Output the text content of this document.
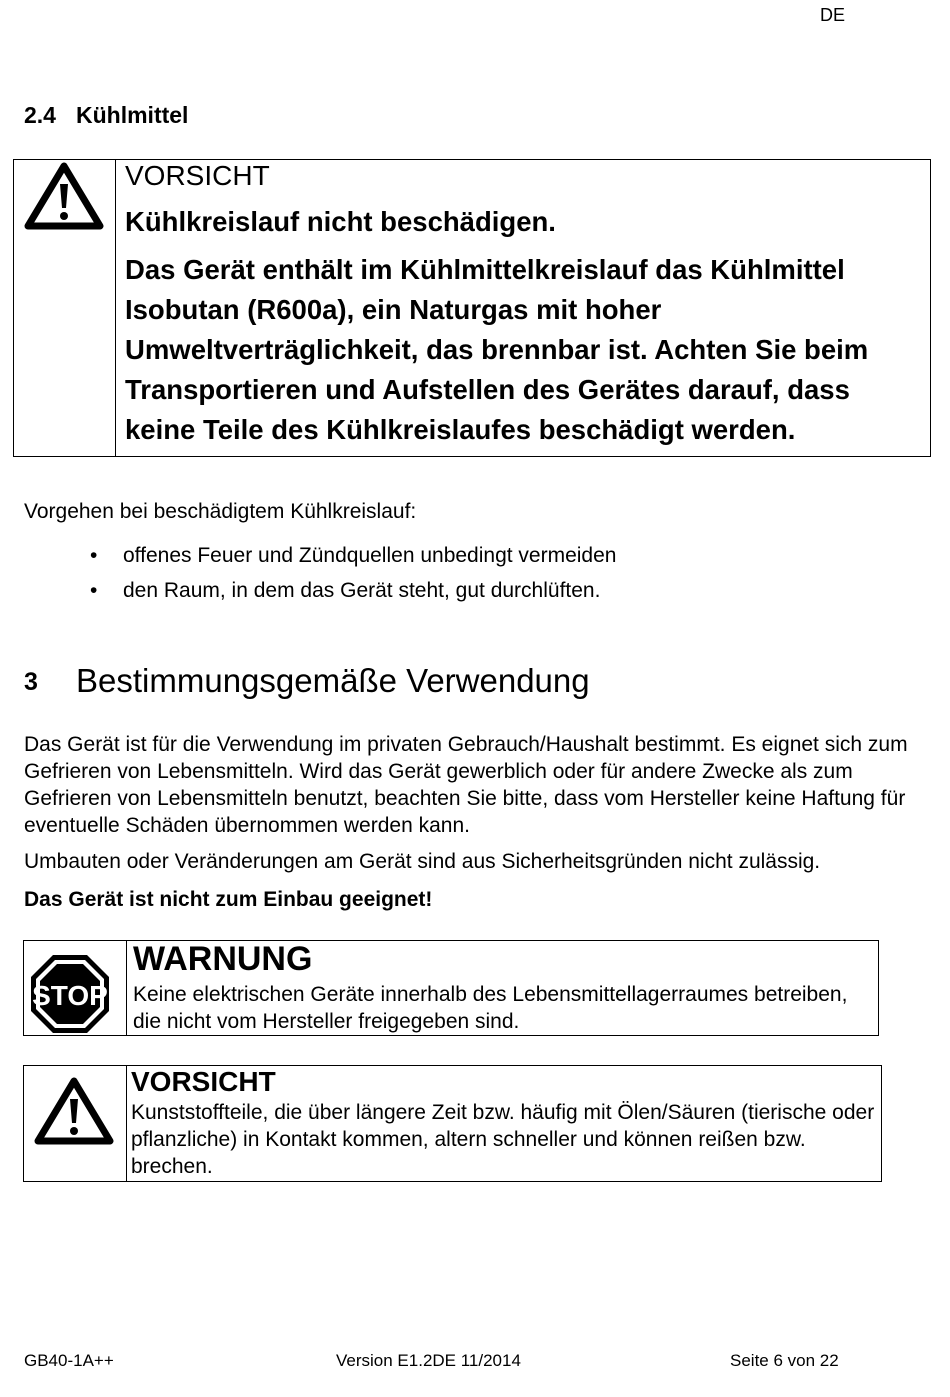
DE
2.4 Kühlmittel
VORSICHT
Kühlkreislauf nicht beschädigen.
Das Gerät enthält im Kühlmittelkreislauf das Kühlmittel Isobutan (R600a), ein Naturgas mit hoher Umweltverträglichkeit, das brennbar ist. Achten Sie beim Transportieren und Aufstellen des Gerätes darauf, dass keine Teile des Kühlkreislaufes beschädigt werden.
Vorgehen bei beschädigtem Kühlkreislauf:
• offenes Feuer und Zündquellen unbedingt vermeiden
• den Raum, in dem das Gerät steht, gut durchlüften.
3 Bestimmungsgemäße Verwendung
Das Gerät ist für die Verwendung im privaten Gebrauch/Haushalt bestimmt. Es eignet sich zum Gefrieren von Lebensmitteln. Wird das Gerät gewerblich oder für andere Zwecke als zum Gefrieren von Lebensmitteln benutzt, beachten Sie bitte, dass vom Hersteller keine Haftung für eventuelle Schäden übernommen werden kann.
Umbauten oder Veränderungen am Gerät sind aus Sicherheitsgründen nicht zulässig.
Das Gerät ist nicht zum Einbau geeignet!
STOP
WARNUNG
Keine elektrischen Geräte innerhalb des Lebensmittellagerraumes betreiben, die nicht vom Hersteller freigegeben sind.
VORSICHT
Kunststoffteile, die über längere Zeit bzw. häufig mit Ölen/Säuren (tierische oder pflanzliche) in Kontakt kommen, altern schneller und können reißen bzw. brechen.
GB40-1A++	Version E1.2DE 11/2014	Seite 6 von 22
